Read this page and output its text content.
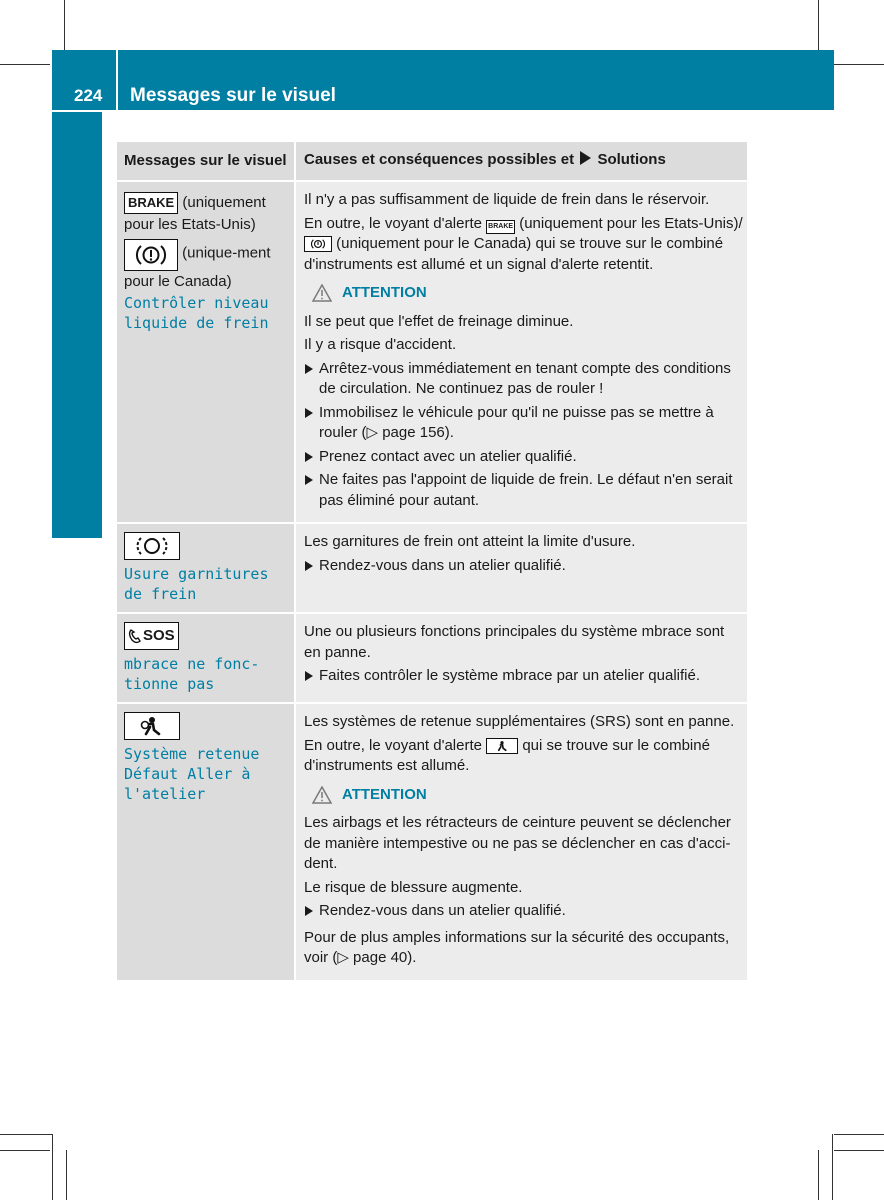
224 Messages sur le visuel
Ordinateur de bord et affichages
Messages sur le visuel	Causes et conséquences possibles et Solutions
BRAKE (uniquement pour les Etats-Unis)
(unique-ment pour le Canada)
Contrôler niveau liquide de frein

Il n'y a pas suffisamment de liquide de frein dans le réservoir.

En outre, le voyant d'alerte BRAKE (uniquement pour les Etats-Unis)/
(uniquement pour le Canada) qui se trouve sur le combiné d'instruments est allumé et un signal d'alerte retentit.

ATTENTION

Il se peut que l'effet de freinage diminue.

Il y a risque d'accident.

Arrêtez-vous immédiatement en tenant compte des conditions de circulation. Ne continuez pas de rouler !
Immobilisez le véhicule pour qu'il ne puisse pas se mettre à rouler (▷ page 156).
Prenez contact avec un atelier qualifié.
Ne faites pas l'appoint de liquide de frein. Le défaut n'en serait pas éliminé pour autant.
Usure garnitures de frein

Les garnitures de frein ont atteint la limite d'usure.

Rendez-vous dans un atelier qualifié.
SOS
mbrace ne fonc-tionne pas

Une ou plusieurs fonctions principales du système mbrace sont en panne.

Faites contrôler le système mbrace par un atelier qualifié.
Système retenue Défaut Aller à l'atelier

Les systèmes de retenue supplémentaires (SRS) sont en panne.

En outre, le voyant d'alerte	qui se trouve sur le combiné d'instruments est allumé.

ATTENTION

Les airbags et les rétracteurs de ceinture peuvent se déclencher de manière intempestive ou ne pas se déclencher en cas d'acci-dent.

Le risque de blessure augmente.

Rendez-vous dans un atelier qualifié.

Pour de plus amples informations sur la sécurité des occupants, voir (▷ page 40).
